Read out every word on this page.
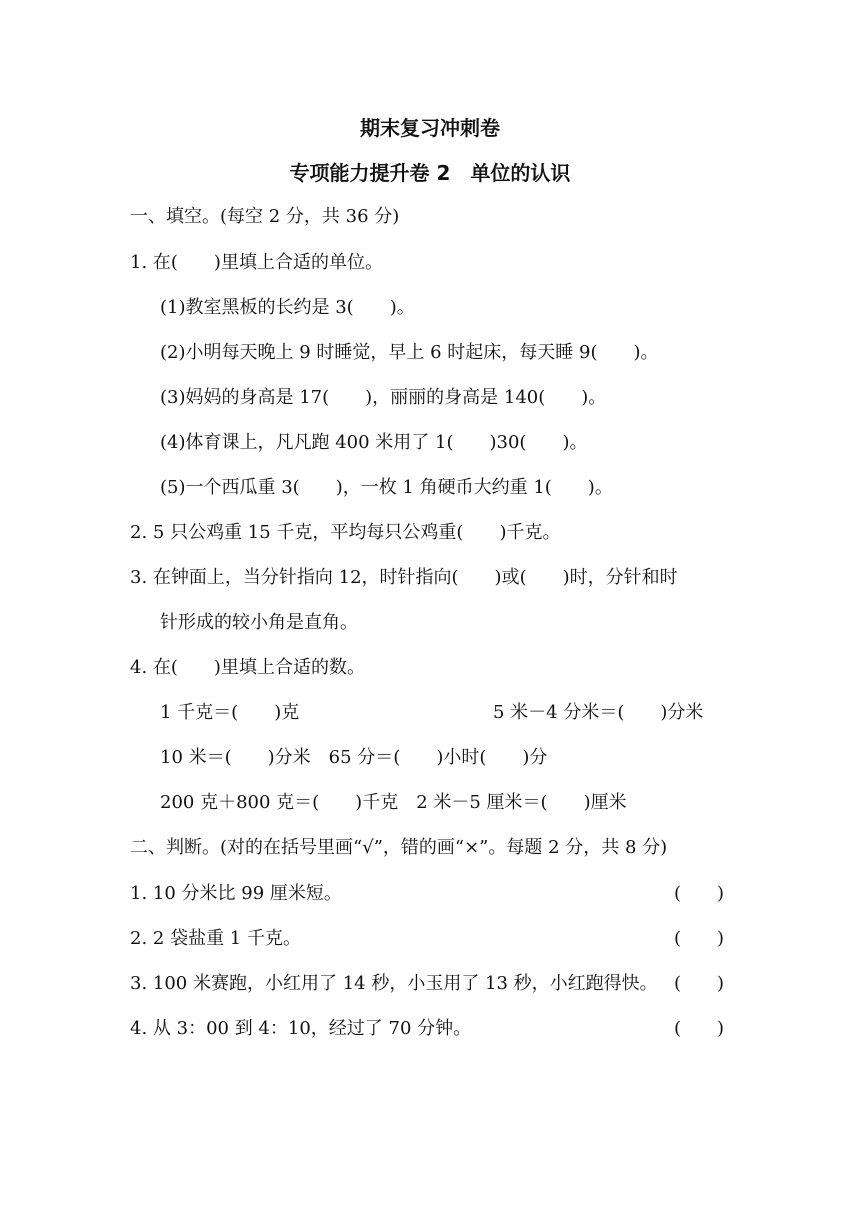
期末复习冲刺卷
专项能力提升卷 2　单位的认识
一、填空。(每空 2 分，共 36 分)
1. 在(　　)里填上合适的单位。
(1)教室黑板的长约是 3(　　)。
(2)小明每天晚上 9 时睡觉，早上 6 时起床，每天睡 9(　　)。
(3)妈妈的身高是 17(　　)，丽丽的身高是 140(　　)。
(4)体育课上，凡凡跑 400 米用了 1(　　)30(　　)。
(5)一个西瓜重 3(　　)，一枚 1 角硬币大约重 1(　　)。
2. 5 只公鸡重 15 千克，平均每只公鸡重(　　)千克。
3. 在钟面上，当分针指向 12，时针指向(　　)或(　　)时，分针和时
针形成的较小角是直角。
4. 在(　　)里填上合适的数。
1 千克＝(　　)克	5 米－4 分米＝(　　)分米
10 米＝(　　)分米　65 分＝(　　)小时(　　)分
200 克＋800 克＝(　　)千克　2 米－5 厘米＝(　　)厘米
二、判断。(对的在括号里画“√”，错的画“×”。每题 2 分，共 8 分)
1. 10 分米比 99 厘米短。	(　　)
2. 2 袋盐重 1 千克。	(　　)
3. 100 米赛跑，小红用了 14 秒，小玉用了 13 秒，小红跑得快。 (　　)
4. 从 3：00 到 4：10，经过了 70 分钟。	(　　)
